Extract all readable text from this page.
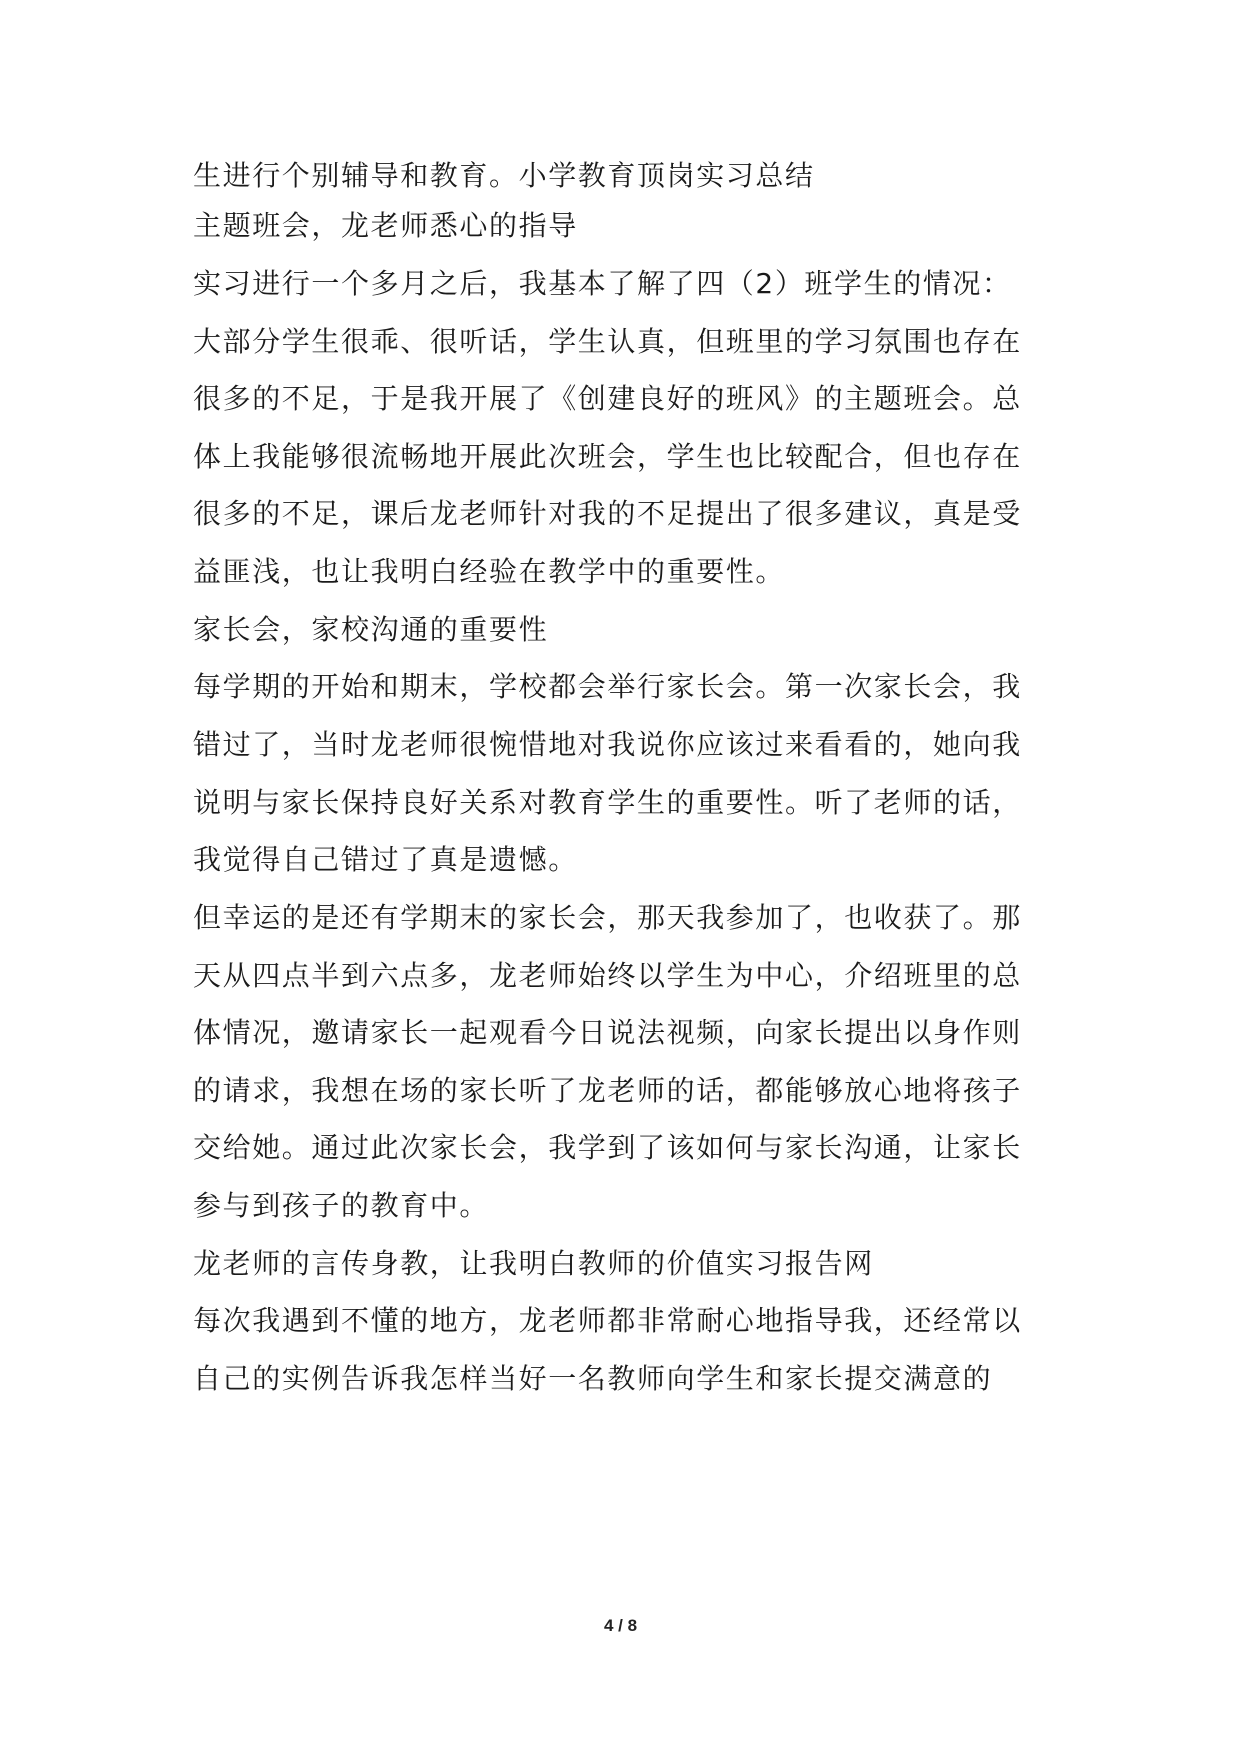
生进行个别辅导和教育。小学教育顶岗实习总结
主题班会，龙老师悉心的指导
实习进行一个多月之后，我基本了解了四（2）班学生的情况：
大部分学生很乖、很听话，学生认真，但班里的学习氛围也存在
很多的不足，于是我开展了《创建良好的班风》的主题班会。总
体上我能够很流畅地开展此次班会，学生也比较配合，但也存在
很多的不足，课后龙老师针对我的不足提出了很多建议，真是受
益匪浅，也让我明白经验在教学中的重要性。
家长会，家校沟通的重要性
每学期的开始和期末，学校都会举行家长会。第一次家长会，我
错过了，当时龙老师很惋惜地对我说你应该过来看看的，她向我
说明与家长保持良好关系对教育学生的重要性。听了老师的话，
我觉得自己错过了真是遗憾。
但幸运的是还有学期末的家长会，那天我参加了，也收获了。那
天从四点半到六点多，龙老师始终以学生为中心，介绍班里的总
体情况，邀请家长一起观看今日说法视频，向家长提出以身作则
的请求，我想在场的家长听了龙老师的话，都能够放心地将孩子
交给她。通过此次家长会，我学到了该如何与家长沟通，让家长
参与到孩子的教育中。
龙老师的言传身教，让我明白教师的价值实习报告网
每次我遇到不懂的地方，龙老师都非常耐心地指导我，还经常以
自己的实例告诉我怎样当好一名教师向学生和家长提交满意的
4 / 8
